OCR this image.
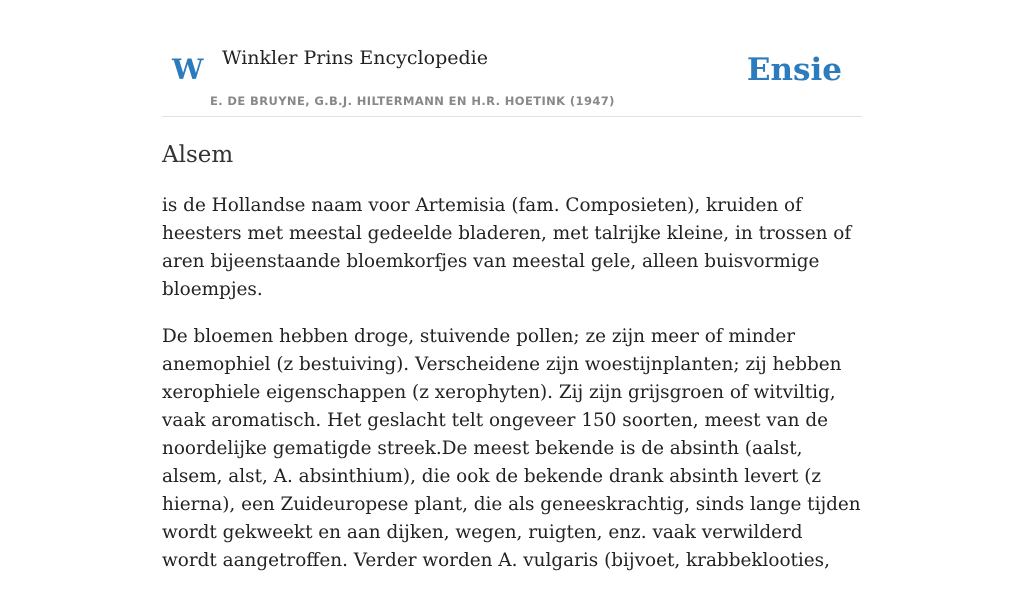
W Winkler Prins Encyclopedie
E. DE BRUYNE, G.B.J. HILTERMANN EN H.R. HOETINK (1947)
Ensie
Alsem

is de Hollandse naam voor Artemisia (fam. Composieten), kruiden of heesters met meestal gedeelde bladeren, met talrijke kleine, in trossen of aren bijeenstaande bloemkorfjes van meestal gele, alleen buisvormige bloempjes.

De bloemen hebben droge, stuivende pollen; ze zijn meer of minder anemophiel (z bestuiving). Verscheidene zijn woestijnplanten; zij hebben xerophiele eigenschappen (z xerophyten). Zij zijn grijsgroen of witviltig, vaak aromatisch. Het geslacht telt ongeveer 150 soorten, meest van de noordelijke gematigde streek.De meest bekende is de absinth (aalst, alsem, alst, A. absinthium), die ook de bekende drank absinth levert (z hierna), een Zuideuropese plant, die als geneeskrachtig, sinds lange tijden wordt gekweekt en aan dijken, wegen, ruigten, enz. vaak verwilderd wordt aangetroffen. Verder worden A. vulgaris (bijvoet, krabbeklooties,
